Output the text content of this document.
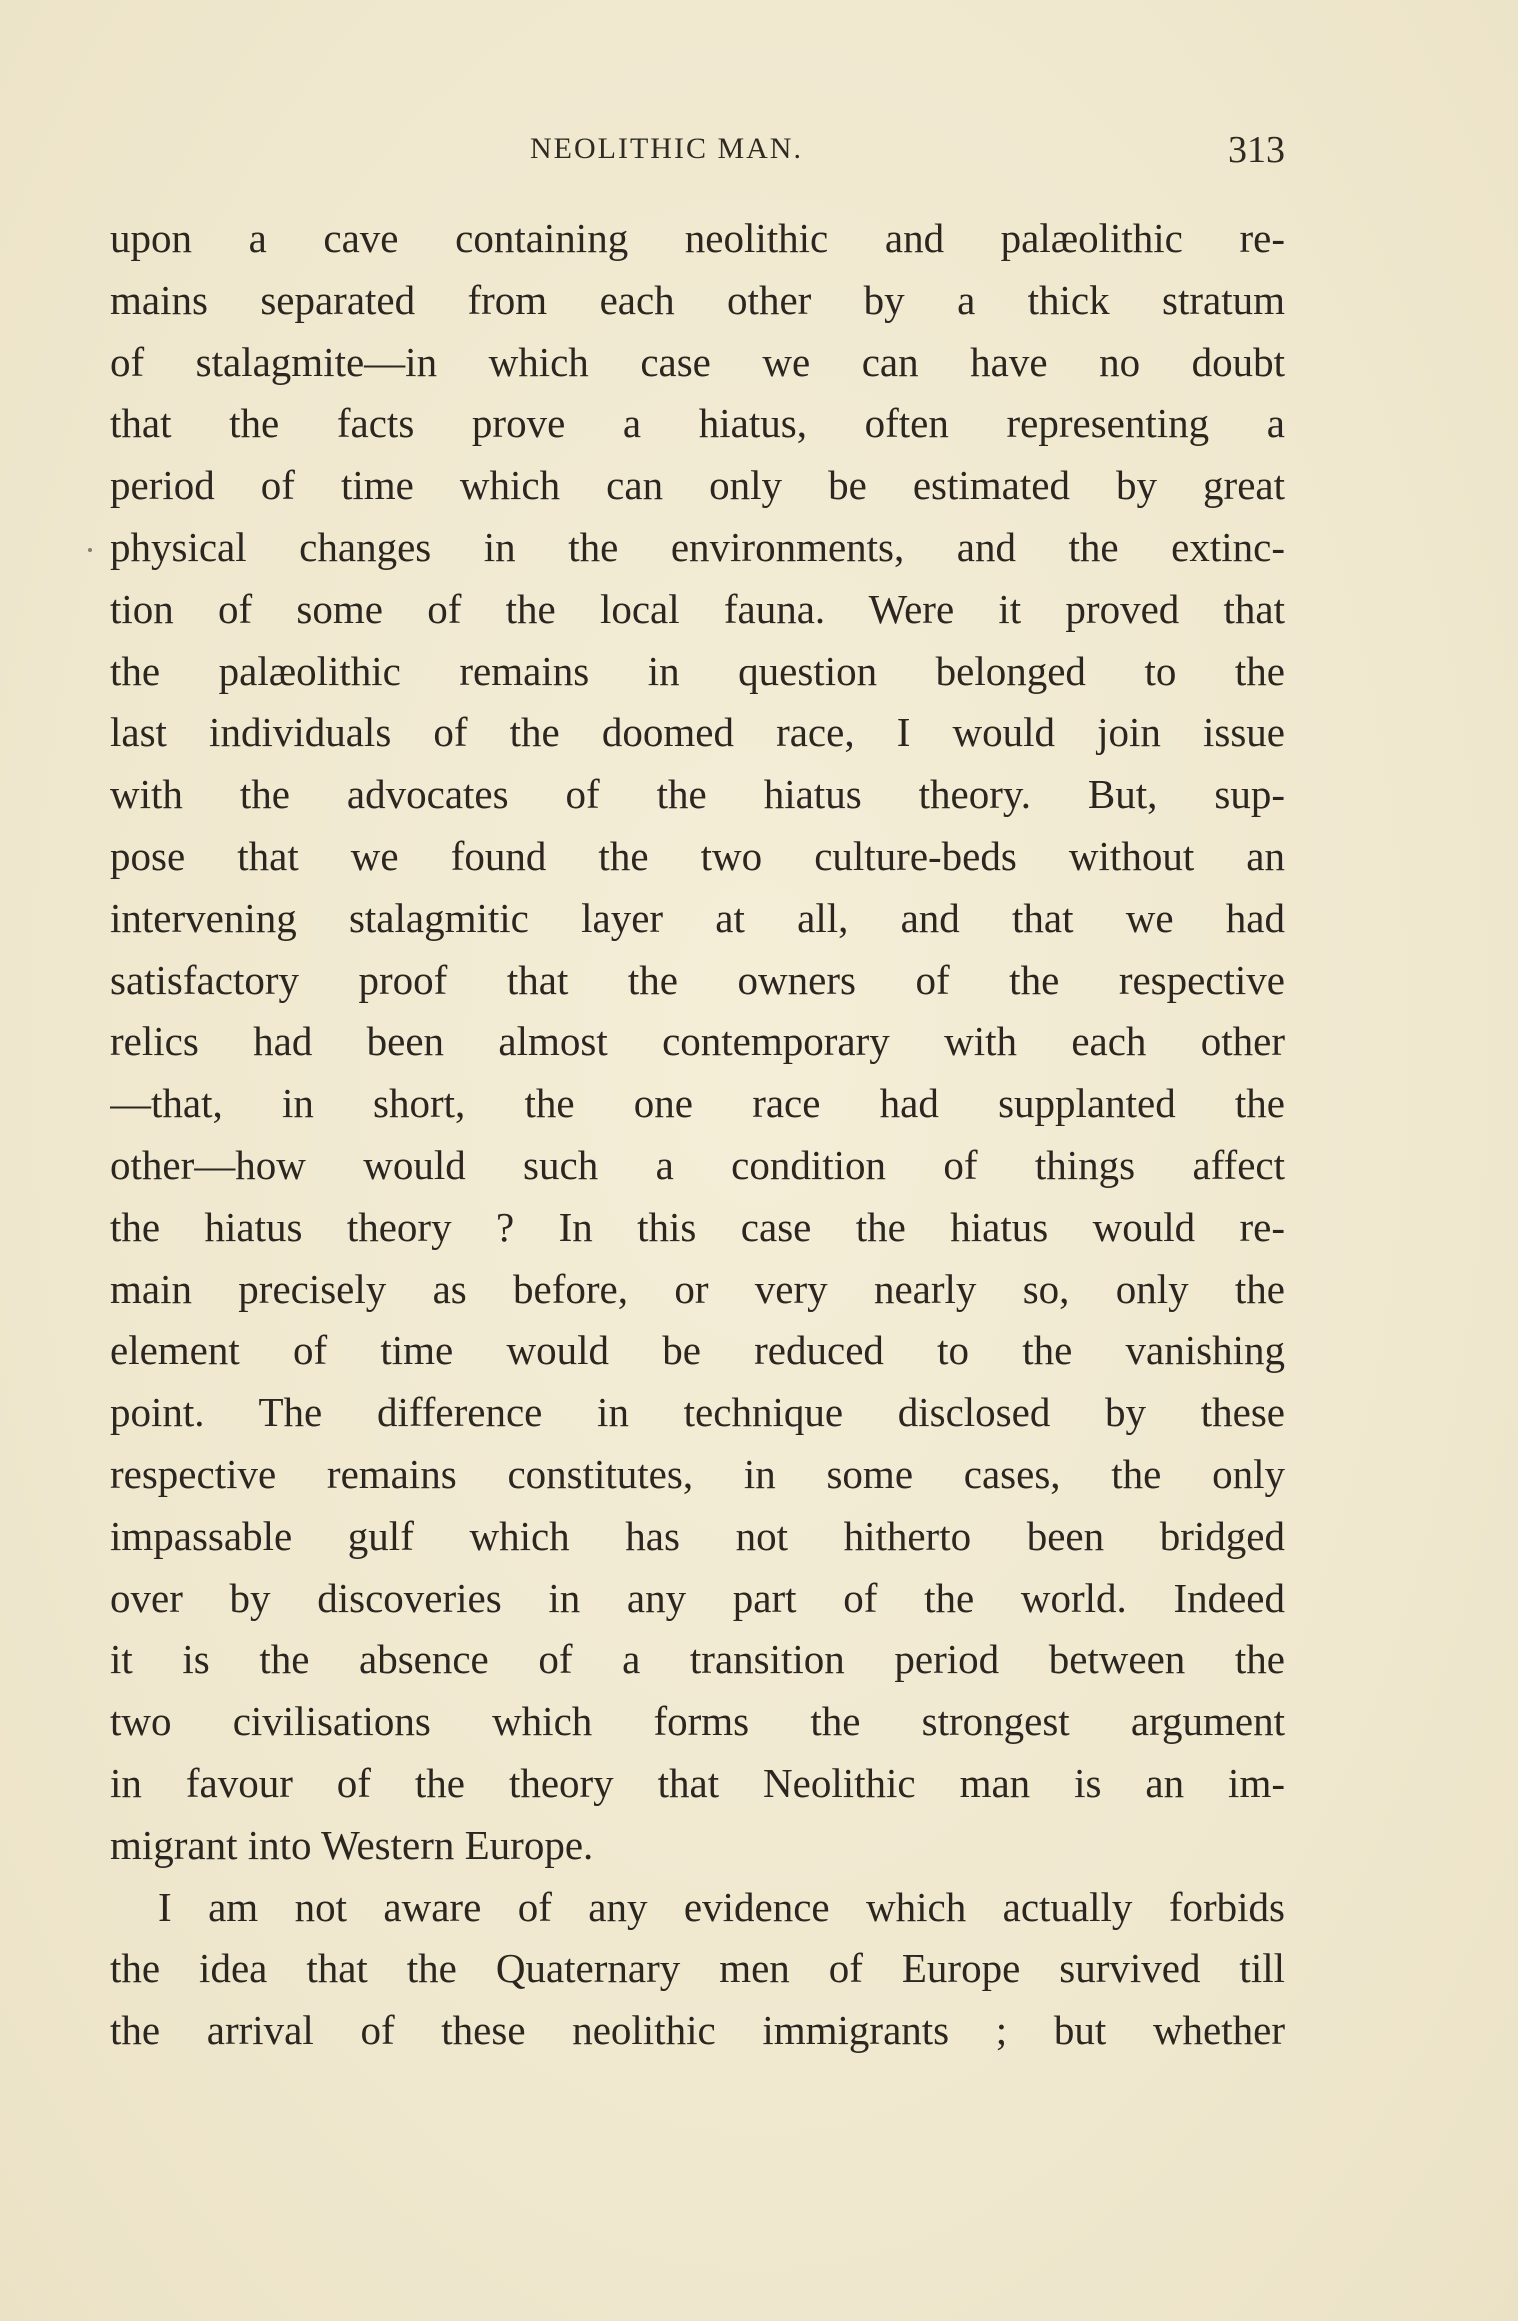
NEOLITHIC MAN.	313
upon a cave containing neolithic and palæolithic re-
mains separated from each other by a thick stratum
of stalagmite—in which case we can have no doubt
that the facts prove a hiatus, often representing a
period of time which can only be estimated by great
physical changes in the environments, and the extinc-
tion of some of the local fauna. Were it proved that
the palæolithic remains in question belonged to the
last individuals of the doomed race, I would join issue
with the advocates of the hiatus theory. But, sup-
pose that we found the two culture-beds without an
intervening stalagmitic layer at all, and that we had
satisfactory proof that the owners of the respective
relics had been almost contemporary with each other
—that, in short, the one race had supplanted the
other—how would such a condition of things affect
the hiatus theory ? In this case the hiatus would re-
main precisely as before, or very nearly so, only the
element of time would be reduced to the vanishing
point. The difference in technique disclosed by these
respective remains constitutes, in some cases, the only
impassable gulf which has not hitherto been bridged
over by discoveries in any part of the world. Indeed
it is the absence of a transition period between the
two civilisations which forms the strongest argument
in favour of the theory that Neolithic man is an im-
migrant into Western Europe.
I am not aware of any evidence which actually forbids
the idea that the Quaternary men of Europe survived till
the arrival of these neolithic immigrants ; but whether
